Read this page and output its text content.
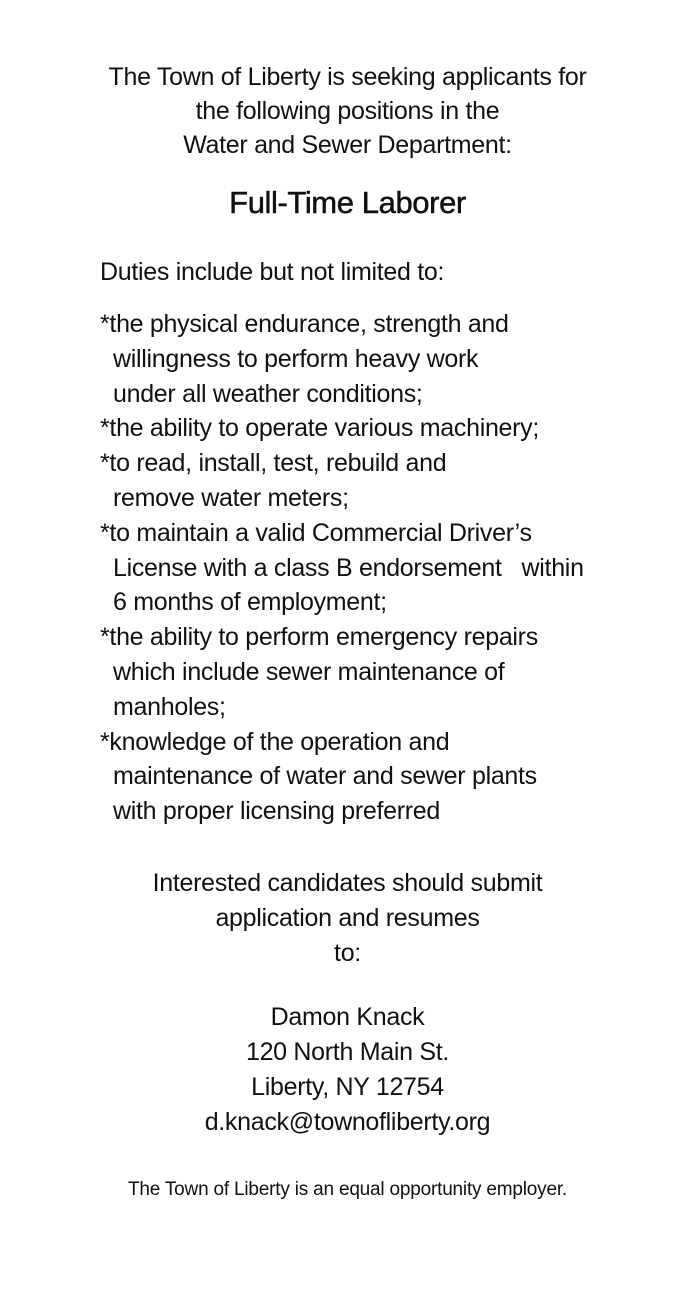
The Town of Liberty is seeking applicants for
the following positions in the
Water and Sewer Department:
Full-Time Laborer
Duties include but not limited to:
*the physical endurance, strength and
willingness to perform heavy work
under all weather conditions;
*the ability to operate various machinery;
*to read, install, test, rebuild and
remove water meters;
*to maintain a valid Commercial Driver’s
License with a class B endorsement   within
6 months of employment;
*the ability to perform emergency repairs
which include sewer maintenance of
manholes;
*knowledge of the operation and
maintenance of water and sewer plants
with proper licensing preferred
Interested candidates should submit
application and resumes
to:
Damon Knack
120 North Main St.
Liberty, NY 12754
d.knack@townofliberty.org
The Town of Liberty is an equal opportunity employer.
